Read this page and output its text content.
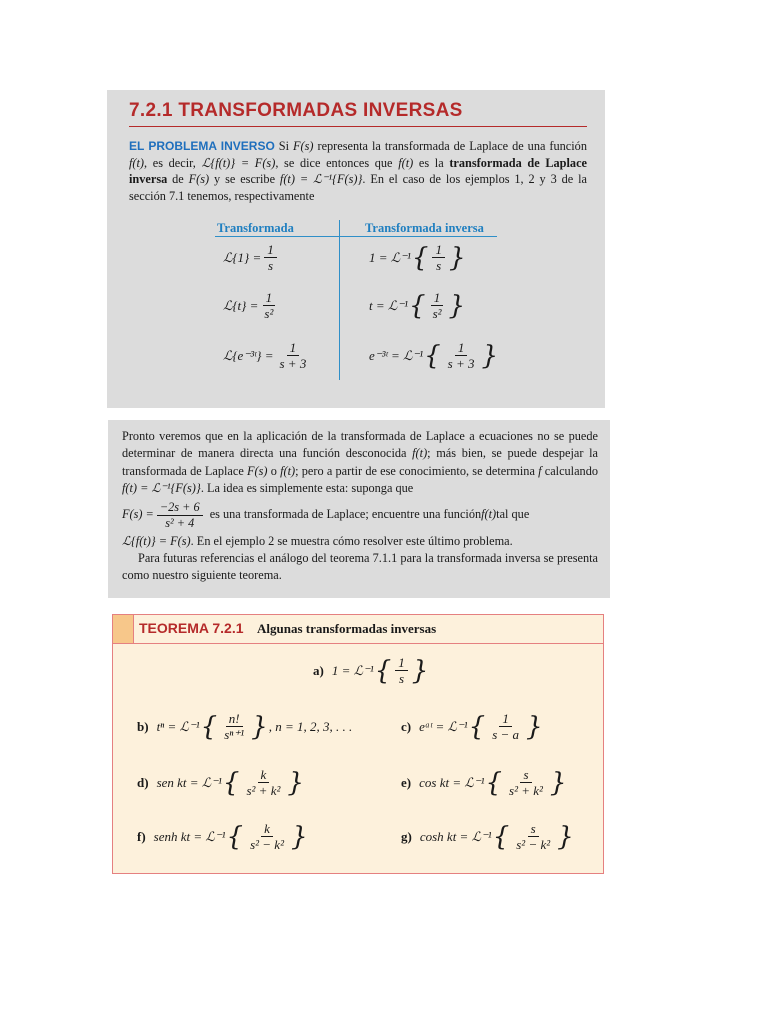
7.2.1 TRANSFORMADAS INVERSAS
EL PROBLEMA INVERSO Si F(s) representa la transformada de Laplace de una función f(t), es decir, ℒ{f(t)} = F(s), se dice entonces que f(t) es la transformada de Laplace inversa de F(s) y se escribe f(t) = ℒ⁻¹{F(s)}. En el caso de los ejemplos 1, 2 y 3 de la sección 7.1 tenemos, respectivamente
Transformada	Transformada inversa
ℒ{1} = $\frac{1}{s}$	1 = ℒ⁻¹ { $\frac{1}{s}$ }
ℒ{t} = $\frac{1}{\text{s²}}$	t = ℒ⁻¹ { $\frac{1}{\text{s²}}$ }
ℒ{e⁻³ᵗ} = $\frac{1}{s + 3}$	e⁻³ᵗ = ℒ⁻¹ { $\frac{1}{s + 3}$ }
Pronto veremos que en la aplicación de la transformada de Laplace a ecuaciones no se puede determinar de manera directa una función desconocida f(t); más bien, se puede despejar la transformada de Laplace F(s) o f(t); pero a partir de ese conocimiento, se determina f calculando f(t) = ℒ⁻¹{F(s)}. La idea es simplemente esta: suponga que
$F(s) = \frac{-2s + 6}{\text{s² + 4}}$ es una transformada de Laplace; encuentre una función f(t) tal que
ℒ{f(t)} = F(s). En el ejemplo 2 se muestra cómo resolver este último problema.
Para futuras referencias el análogo del teorema 7.1.1 para la transformada inversa se presenta como nuestro siguiente teorema.
TEOREMA 7.2.1 Algunas transformadas inversas
a) 1 = ℒ⁻¹ { $\frac{1}{s}$ }
b) tⁿ = ℒ⁻¹ { $\frac{n!}{\text{sⁿ⁺¹}}$ } , n = 1, 2, 3, . . .	c) eᵃᵗ = ℒ⁻¹ { $\frac{1}{s - a}$ }
d) sen kt = ℒ⁻¹ { $\frac{k}{\text{s² + k²}}$ }	e) cos kt = ℒ⁻¹ { $\frac{s}{\text{s² + k²}}$ }
f) senh kt = ℒ⁻¹ { $\frac{k}{\text{s² − k²}}$ }	g) cosh kt = ℒ⁻¹ { $\frac{s}{\text{s² − k²}}$ }
